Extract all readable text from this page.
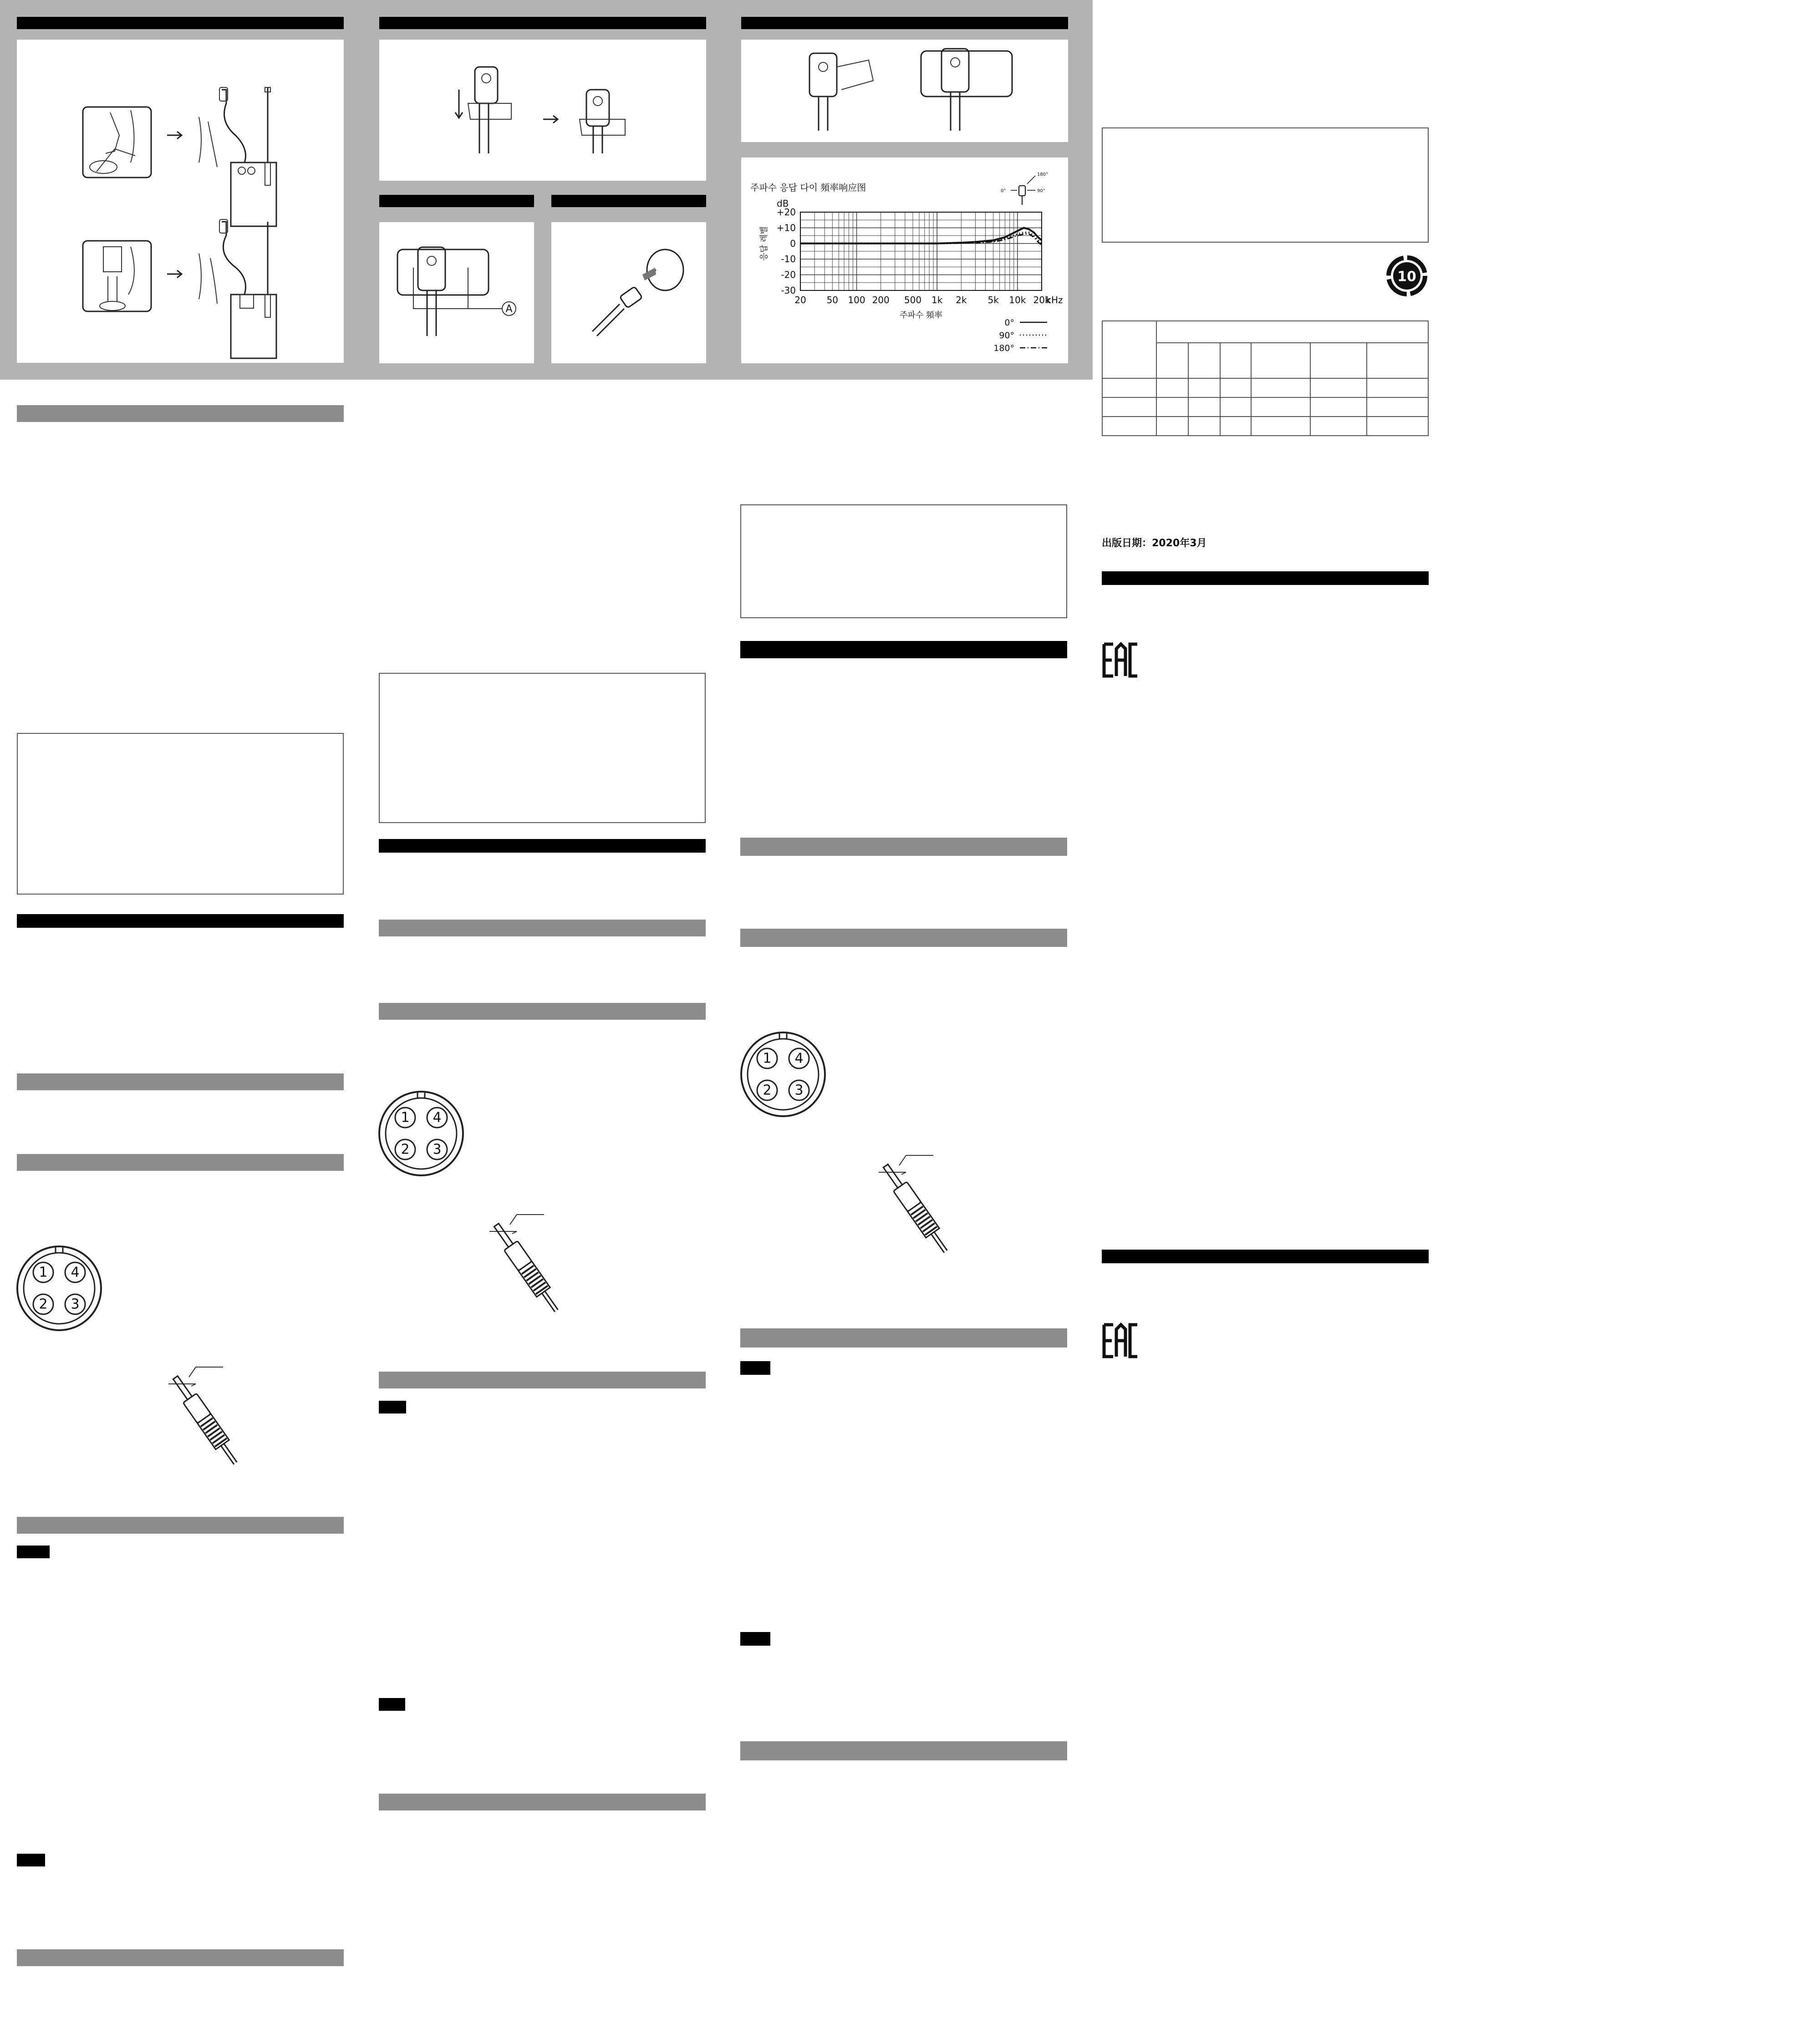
A
주파수 응답 다이 頻率响应图
+20
+10
0
-10
-20
-30
20 50 100 200 500 1k 2k 5k 10k 20k
kHz
dB
응답 레벨
주파수 頻率
0°
90°
180°
180°
90°
0°
1 4
2 3
1 4
2 3
1 4
2 3
10

出版日期：2020年3月
